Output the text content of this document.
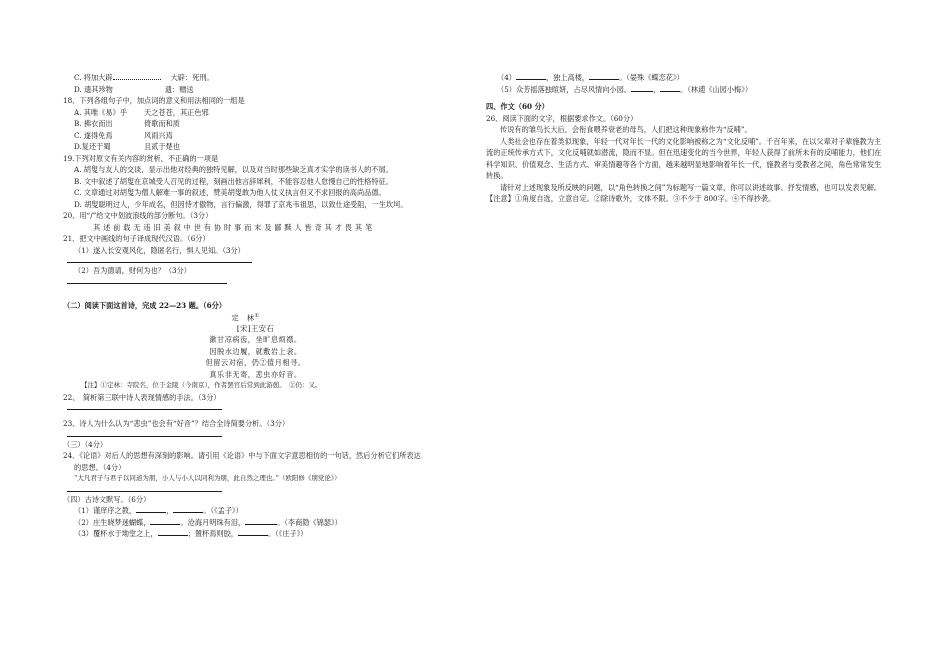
C. 将加大辟	大辟：死刑。
D. 遗其珍物	遗：赠送
18、下列各组句子中，加点词的意义和用法相同的一组是
A. 其唯《易》乎 天之苍苍，其正色邪
B. 拂衣而出	倚歌而和质
C. 遂得免焉	风雨兴焉
D.复还于蜀	且贰于楚也
19.下列对原文有关内容的赏析，不正确的一项是
A. 胡叟与友人的交谈，显示出他对经典的独特见解，以及对当时那些缺乏真才实学的读书人的不屑。
B. 文中叙述了胡叟在京城受人召见的过程，刻画出他言辞犀利，不能容忍他人怠慢自己的性格特征。
C. 文章通过对胡叟为僧人解难一事的叙述，赞美胡叟敢为他人仗义执言但又不求回报的高尚品德。
D. 胡叟聪明过人，少年成名，但因恃才傲物，言行偏激，得罪了京兆韦祖思，以致仕途受阻，一生坎坷。
20、用“/”给文中划波浪线的部分断句。（3分）
其 述 前 载 无 违 旧 美 叙 中 世 有 协 时 事 而 末 及 鄙 黩 人 皆 奇 其 才 畏 其 笔
21、把文中画线的句子译成现代汉语。（6分）
（1）遂入长安观风化，隐匿名行，惧人见知。（3分）
（2）吾为德请，财何为也？（3分）
（二）阅读下面这首诗，完成 22—23 题。（6分）
定　林①
[宋]王安石
漱甘凉病齿，坐旷息烦襟。
因脱水边履，就敷岩上衾。
但留云对宿，仍②值月相寻。
真乐非无寄，悲虫亦好音。
【注】①定林：寺院名，位于金陵（今南京），作者罢官后常到此游憩。　②仍：又。
22、　简析第三联中诗人表现情感的手法。（3分）
23、诗人为什么认为“悲虫”也会有“好音”？结合全诗简要分析。（3分）
（三）（4分）
24、《论语》对后人的思想有深刻的影响。请引用《论语》中与下面文字意思相仿的一句话，然后分析它们所表达
的思想。（4分）
“大凡君子与君子以同道为朋，小人与小人以同利为朋，此自然之理也。”（欧阳修《朋党论》）
（四）古诗文默写。（6分）
（1）谨庠序之教，	，	。（《孟子》）
（2）庄生晓梦迷蝴蝶，	。沧海月明珠有泪，	。（李商隐《锦瑟》）
（3）覆杯水于坳堂之上，	；置杯焉则胶，	。（《庄子》）
（4）	，独上高楼，	。（晏殊《蝶恋花》）
（5）众芳摇落独暄妍，占尽风情向小园。	，	。（林逋《山园小梅》）
四、作文（60 分）
26、阅读下面的文字，根据要求作文。（60分）
传说有的雏鸟长大后，会衔食喂养衰老的母鸟，人们把这种现象称作为“反哺”。
人类社会也存在着类似现象，年轻一代对年长一代的文化影响被称之为“文化反哺”。千百年来，在以父辈对子辈施教为主流的正统传承方式下，文化反哺就如潜流，隐而不显。但在迅速变化的当今世界，年轻人获得了前所未有的反哺能力，他们在科学知识、价值观念、生活方式、审美情趣等各个方面，越来越明显地影响着年长一代，施教者与受教者之间，角色常常发生转换。
请针对上述现象及所反映的问题，以“角色转换之间”为标题写一篇文章，你可以讲述故事、抒发情感，也可以发表见解。
【注意】①角度自选，立意自定。②除诗歌外，文体不限。③不少于 800字。④不得抄袭。
